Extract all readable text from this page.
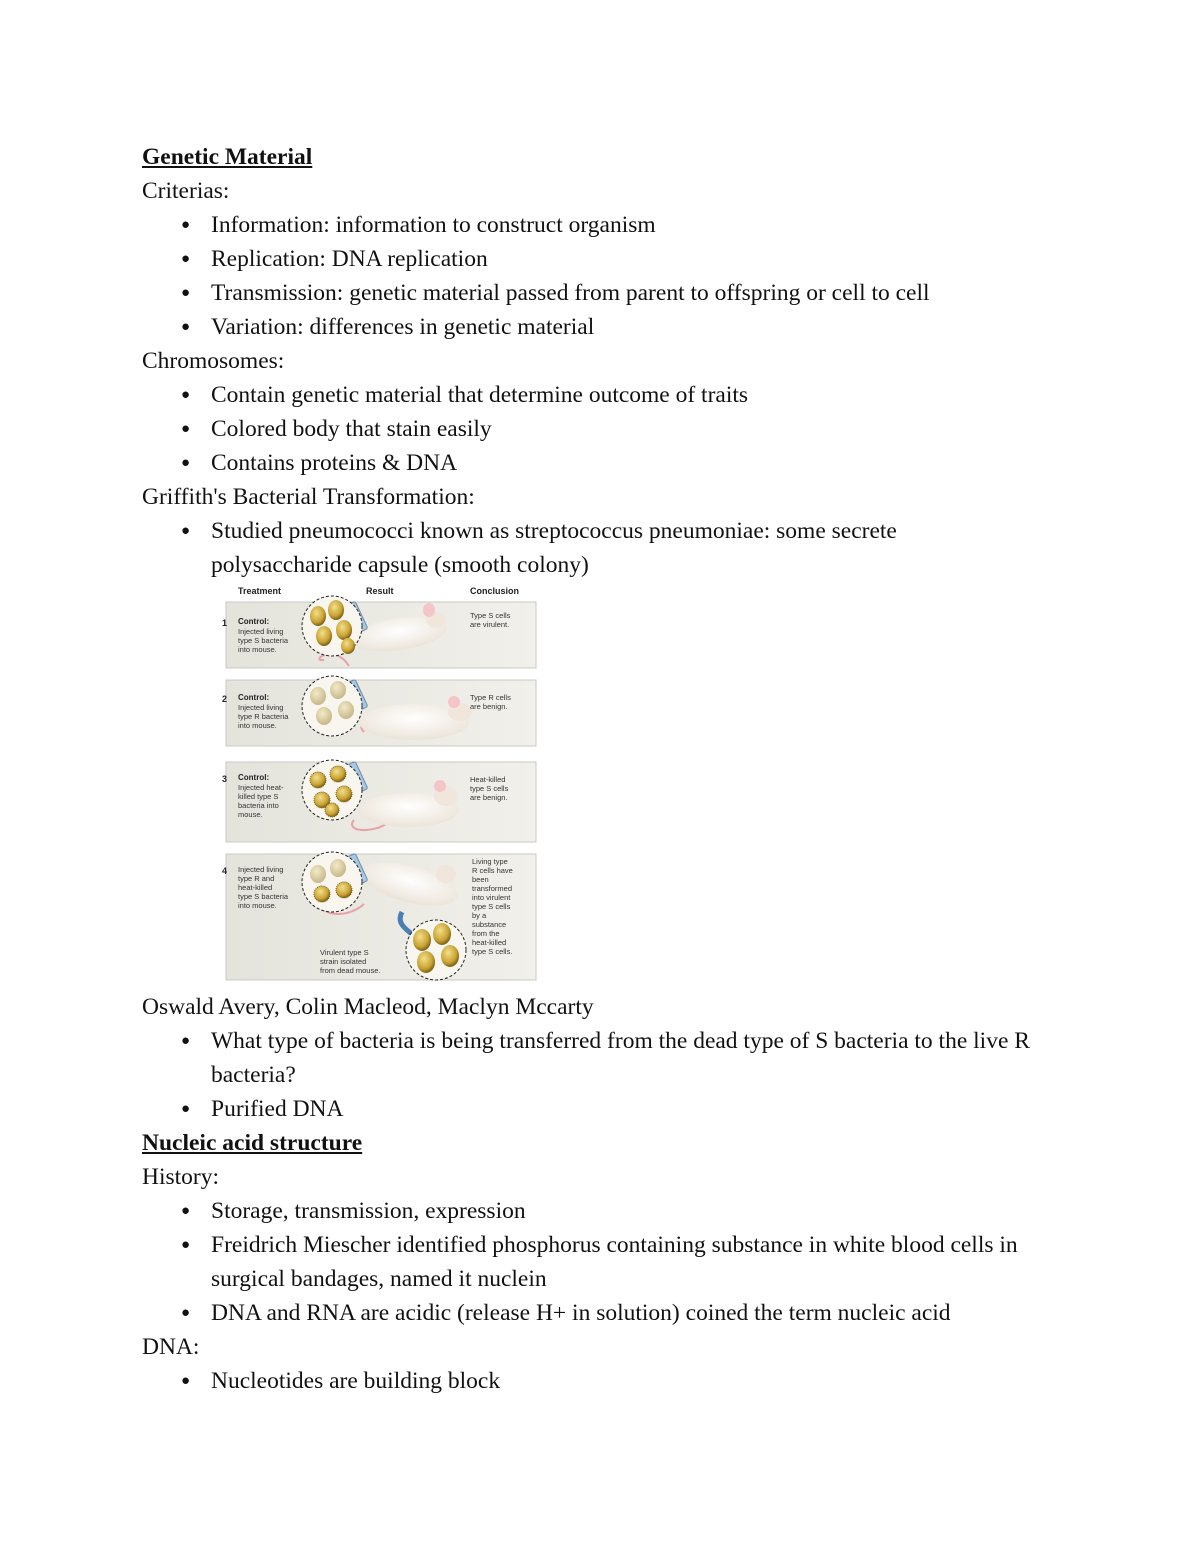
Genetic Material
Criterias:
● Information: information to construct organism
● Replication: DNA replication
● Transmission: genetic material passed from parent to offspring or cell to cell
● Variation: differences in genetic material
Chromosomes:
● Contain genetic material that determine outcome of traits
● Colored body that stain easily
● Contains proteins & DNA
Griffith's Bacterial Transformation:
● Studied pneumococci known as streptococcus pneumoniae: some secrete polysaccharide capsule (smooth colony)
Treatment	Result	Conclusion
1 Control:
Injected living
type S bacteria
into mouse.
Type S cells
are virulent.
2 Control:
Injected living
type R bacteria
into mouse.
Type R cells
are benign.
3 Control:
Injected heat-
killed type S
bacteria into
mouse.
Heat-killed
type S cells
are benign.
4 Injected living
type R and
heat-killed
type S bacteria
into mouse.
Virulent type S
strain isolated
from dead mouse.
Living type
R cells have
been
transformed
into virulent
type S cells
by a
substance
from the
heat-killed
type S cells.
Oswald Avery, Colin Macleod, Maclyn Mccarty
● What type of bacteria is being transferred from the dead type of S bacteria to the live R bacteria?
● Purified DNA
Nucleic acid structure
History:
● Storage, transmission, expression
● Freidrich Miescher identified phosphorus containing substance in white blood cells in surgical bandages, named it nuclein
● DNA and RNA are acidic (release H+ in solution) coined the term nucleic acid
DNA:
● Nucleotides are building block
